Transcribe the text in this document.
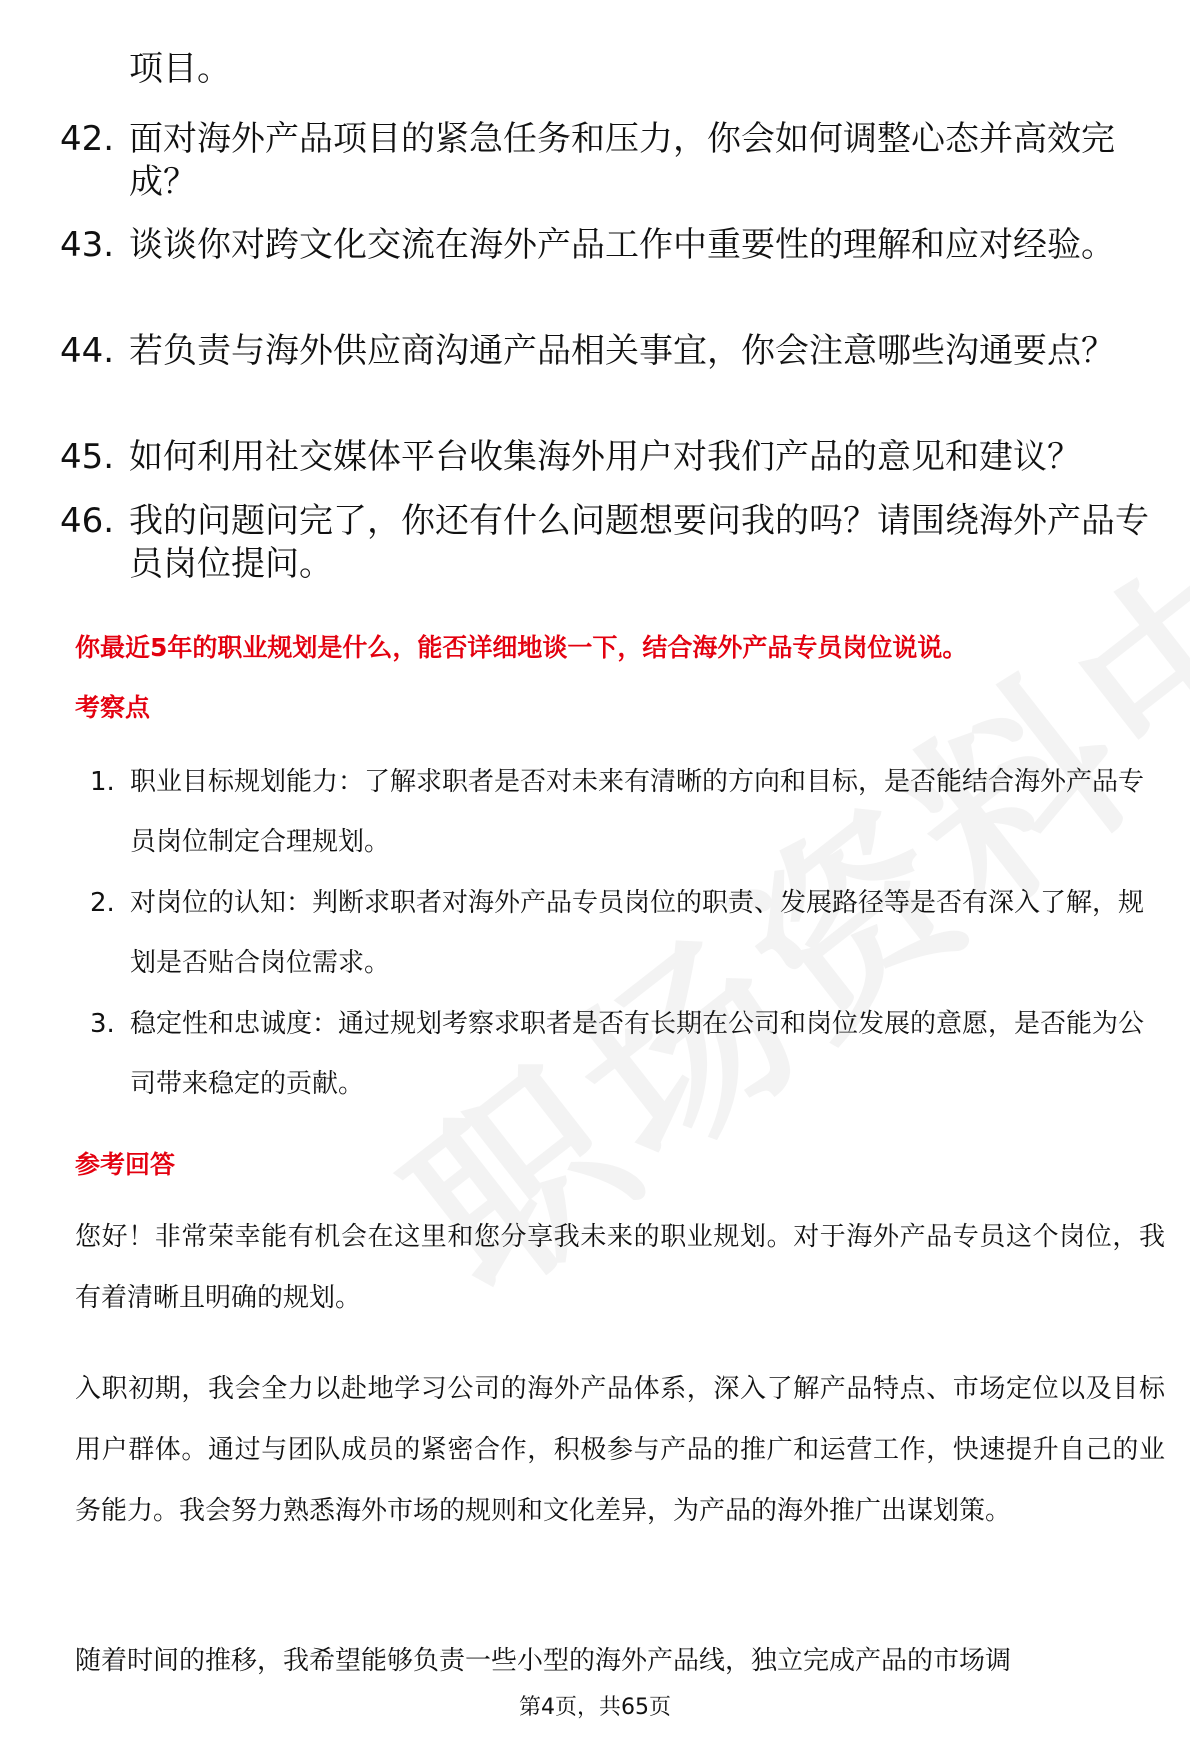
项目。
42. 面对海外产品项目的紧急任务和压力，你会如何调整心态并高效完成？
43. 谈谈你对跨文化交流在海外产品工作中重要性的理解和应对经验。
44. 若负责与海外供应商沟通产品相关事宜，你会注意哪些沟通要点？
45. 如何利用社交媒体平台收集海外用户对我们产品的意见和建议？
46. 我的问题问完了，你还有什么问题想要问我的吗？请围绕海外产品专员岗位提问。
你最近5年的职业规划是什么，能否详细地谈一下，结合海外产品专员岗位说说。
考察点
1. 职业目标规划能力：了解求职者是否对未来有清晰的方向和目标，是否能结合海外产品专员岗位制定合理规划。
2. 对岗位的认知：判断求职者对海外产品专员岗位的职责、发展路径等是否有深入了解，规划是否贴合岗位需求。
3. 稳定性和忠诚度：通过规划考察求职者是否有长期在公司和岗位发展的意愿，是否能为公司带来稳定的贡献。
参考回答
您好！非常荣幸能有机会在这里和您分享我未来的职业规划。对于海外产品专员这个岗位，我有着清晰且明确的规划。
入职初期，我会全力以赴地学习公司的海外产品体系，深入了解产品特点、市场定位以及目标用户群体。通过与团队成员的紧密合作，积极参与产品的推广和运营工作，快速提升自己的业务能力。我会努力熟悉海外市场的规则和文化差异，为产品的海外推广出谋划策。
随着时间的推移，我希望能够负责一些小型的海外产品线，独立完成产品的市场调
第4页，共65页
